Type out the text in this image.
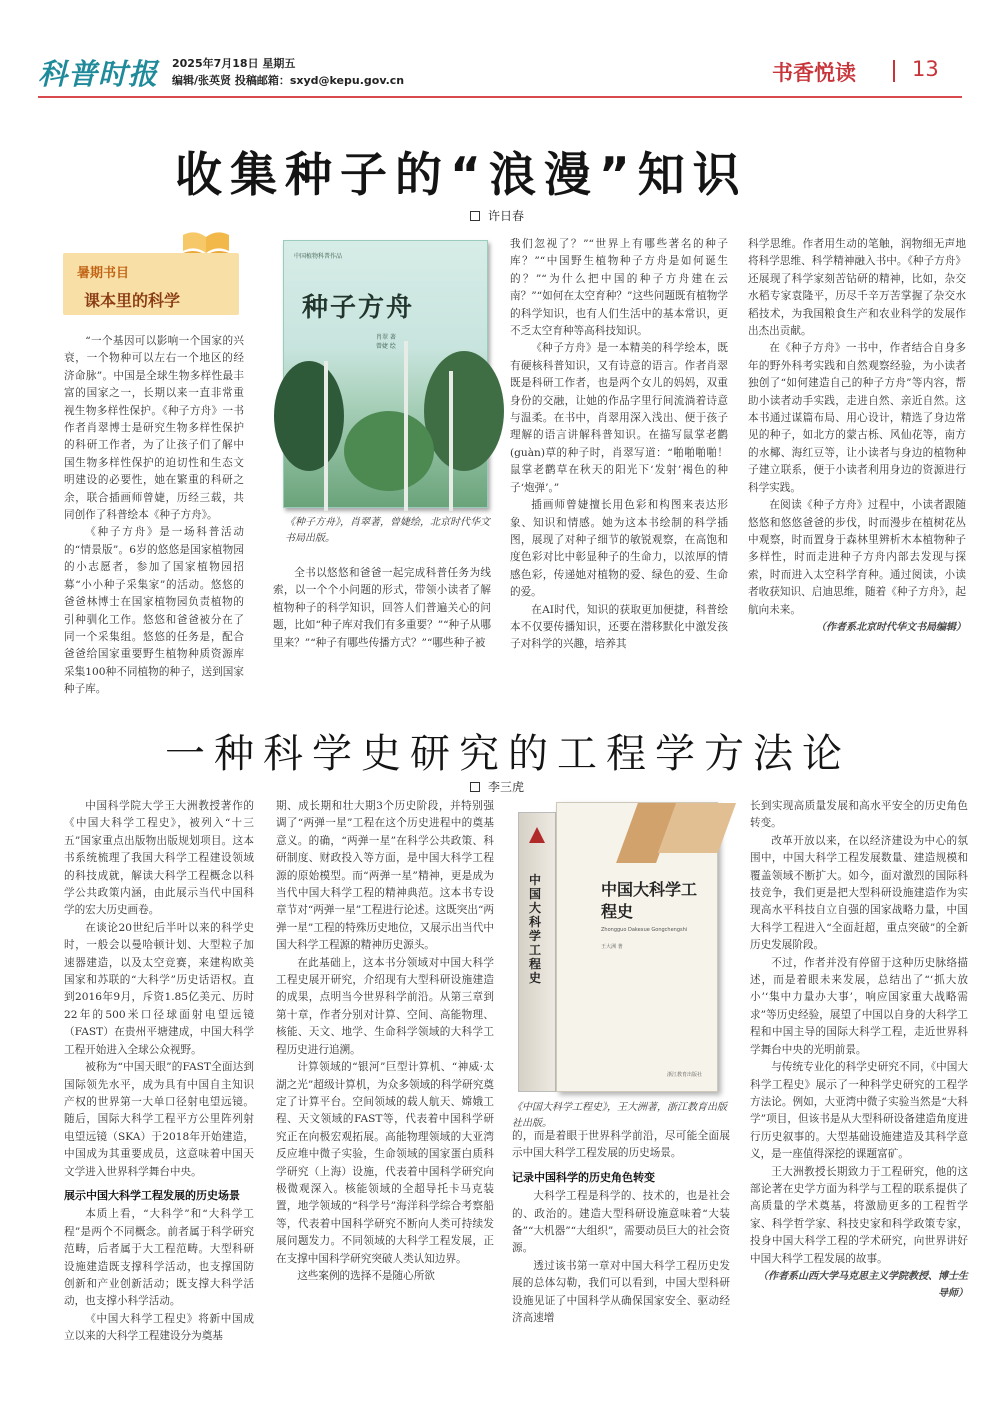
科普时报 2025年7月18日 星期五
编辑/张英贤 投稿邮箱：sxyd@kepu.gov.cn	书香悦读	13
收集种子的“浪漫”知识
许日春
暑期书目
课本里的科学

“一个基因可以影响一个国家的兴衰，一个物种可以左右一个地区的经济命脉”。中国是全球生物多样性最丰富的国家之一，长期以来一直非常重视生物多样性保护。《种子方舟》一书作者肖翠博士是研究生物多样性保护的科研工作者，为了让孩子们了解中国生物多样性保护的迫切性和生态文明建设的必要性，她在繁重的科研之余，联合插画师曾婕，历经三载，共同创作了科普绘本《种子方舟》。

《种子方舟》是一场科普活动的“情景版”。6岁的悠悠是国家植物园的小志愿者，参加了国家植物园招募“小小种子采集家”的活动。悠悠的爸爸林博士在国家植物园负责植物的引种驯化工作。悠悠和爸爸被分在了同一个采集组。悠悠的任务是，配合爸爸给国家重要野生植物种质资源库采集100种不同植物的种子，送到国家种子库。

中国植物科普作品
种子方舟
肖翠 著
曾婕 绘
《种子方舟》，肖翠著，曾婕绘，北京时代华文书局出版。

全书以悠悠和爸爸一起完成科普任务为线索，以一个个小问题的形式，带领小读者了解植物种子的科学知识，回答人们普遍关心的问题，比如“种子库对我们有多重要？”“种子从哪里来？”“种子有哪些传播方式？”“哪些种子被

我们忽视了？”“世界上有哪些著名的种子库？”“中国野生植物种子方舟是如何诞生的？”“为什么把中国的种子方舟建在云南？”“如何在太空育种？”这些问题既有植物学的科学知识，也有人们生活中的基本常识，更不乏太空育种等高科技知识。

《种子方舟》是一本精美的科学绘本，既有硬核科普知识，又有诗意的语言。作者肖翠既是科研工作者，也是两个女儿的妈妈，双重身份的交融，让她的作品字里行间流淌着诗意与温柔。在书中，肖翠用深入浅出、便于孩子理解的语言讲解科普知识。在描写鼠掌老鹳(guàn)草的种子时，肖翠写道：“啪啪啪啪！鼠掌老鹳草在秋天的阳光下‘发射’褐色的种子‘炮弹’。”

插画师曾婕擅长用色彩和构图来表达形象、知识和情感。她为这本书绘制的科学插图，展现了对种子细节的敏锐观察，在高饱和度色彩对比中彰显种子的生命力，以浓厚的情感色彩，传递她对植物的爱、绿色的爱、生命的爱。

在AI时代，知识的获取更加便捷，科普绘本不仅要传播知识，还要在潜移默化中激发孩子对科学的兴趣，培养其

科学思维。作者用生动的笔触，润物细无声地将科学思维、科学精神融入书中。《种子方舟》还展现了科学家刻苦钻研的精神，比如，杂交水稻专家袁隆平，历尽千辛万苦掌握了杂交水稻技术，为我国粮食生产和农业科学的发展作出杰出贡献。

在《种子方舟》一书中，作者结合自身多年的野外科考实践和自然观察经验，为小读者独创了“如何建造自己的种子方舟”等内容，帮助小读者动手实践，走进自然、亲近自然。这本书通过谋篇布局、用心设计，精选了身边常见的种子，如北方的蒙古栎、风仙花等，南方的水椰、海红豆等，让小读者与身边的植物种子建立联系，便于小读者利用身边的资源进行科学实践。

在阅读《种子方舟》过程中，小读者跟随悠悠和悠悠爸爸的步伐，时而漫步在植树花丛中观察，时而置身于森林里辨析木本植物种子多样性，时而走进种子方舟内部去发现与探索，时而进入太空科学育种。通过阅读，小读者收获知识、启迪思维，随着《种子方舟》，起航向未来。

（作者系北京时代华文书局编辑）

一种科学史研究的工程学方法论
李三虎

中国科学院大学王大洲教授著作的《中国大科学工程史》，被列入“十三五”国家重点出版物出版规划项目。这本书系统梳理了我国大科学工程建设领域的科技成就，解读大科学工程概念以科学公共政策内涵，由此展示当代中国科学的宏大历史画卷。

在谈论20世纪后半叶以来的科学史时，一般会以曼哈顿计划、大型粒子加速器建造，以及太空竞赛，来建构欧美国家和苏联的“大科学”历史话语权。直到2016年9月，斥资1.85亿美元、历时22年的500米口径球面射电望远镜（FAST）在贵州平塘建成，中国大科学工程开始进入全球公众视野。

被称为“中国天眼”的FAST全面达到国际领先水平，成为具有中国自主知识产权的世界第一大单口径射电望远镜。随后，国际大科学工程平方公里阵列射电望远镜（SKA）于2018年开始建造，中国成为其重要成员，这意味着中国天文学进入世界科学舞台中央。

展示中国大科学工程发展的历史场景

本质上看，“大科学”和“大科学工程”是两个不同概念。前者属于科学研究范畴，后者属于大工程范畴。大型科研设施建造既支撑科学活动，也支撑国防创新和产业创新活动；既支撑大科学活动，也支撑小科学活动。

《中国大科学工程史》将新中国成立以来的大科学工程建设分为奠基

期、成长期和壮大期3个历史阶段，并特别强调了“两弹一星”工程在这个历史进程中的奠基意义。的确，“两弹一星”在科学公共政策、科研制度、财政投入等方面，是中国大科学工程源的原始模型。而“两弹一星”精神，更是成为当代中国大科学工程的精神典范。这本书专设章节对“两弹一星”工程进行论述。这既突出“两弹一星”工程的特殊历史地位，又展示出当代中国大科学工程源的精神历史源头。

在此基础上，这本书分领域对中国大科学工程史展开研究，介绍现有大型科研设施建造的成果，点明当今世界科学前沿。从第三章到第十章，作者分别对计算、空间、高能物理、核能、天文、地学、生命科学领域的大科学工程历史进行追溯。

计算领域的“银河”巨型计算机、“神威·太湖之光”超级计算机，为众多领域的科学研究奠定了计算平台。空间领域的载人航天、嫦娥工程、天文领域的FAST等，代表着中国科学研究正在向极宏观拓展。高能物理领域的大亚湾反应堆中微子实验，生命领域的国家蛋白质科学研究（上海）设施，代表着中国科学研究向极微观深入。核能领域的全超导托卡马克装置，地学领域的“科学号”海洋科学综合考察船等，代表着中国科学研究不断向人类可持续发展问题发力。不同领域的大科学工程发展，正在支撑中国科学研究突破人类认知边界。

这些案例的选择不是随心所欲

中国大科学工程史
中国大科学工程史
Zhongguo Dakexue Gongchengshi
王大洲 著
浙江教育出版社
《中国大科学工程史》，王大洲著，浙江教育出版社出版。

的，而是着眼于世界科学前沿，尽可能全面展示中国大科学工程发展的历史场景。

记录中国科学的历史角色转变

大科学工程是科学的、技术的，也是社会的、政治的。建造大型科研设施意味着“大装备”“大机器”“大组织”，需要动员巨大的社会资源。

透过该书第一章对中国大科学工程历史发展的总体勾勒，我们可以看到，中国大型科研设施见证了中国科学从确保国家安全、驱动经济高速增

长到实现高质量发展和高水平安全的历史角色转变。

改革开放以来，在以经济建设为中心的氛围中，中国大科学工程发展数量、建造规模和覆盖领域不断扩大。如今，面对激烈的国际科技竞争，我们更是把大型科研设施建造作为实现高水平科技自立自强的国家战略力量，中国大科学工程进入“全面赶超，重点突破”的全新历史发展阶段。

不过，作者并没有停留于这种历史脉络描述，而是着眼未来发展，总结出了“‘抓大放小’‘集中力量办大事’，响应国家重大战略需求”等历史经验，展望了中国以自身的大科学工程和中国主导的国际大科学工程，走近世界科学舞台中央的光明前景。

与传统专业化的科学史研究不同，《中国大科学工程史》展示了一种科学史研究的工程学方法论。例如，大亚湾中微子实验当然是“大科学”项目，但该书是从大型科研设备建造角度进行历史叙事的。大型基础设施建造及其科学意义，是一座值得深挖的课题富矿。

王大洲教授长期致力于工程研究，他的这部论著在史学方面为科学与工程的联系提供了高质量的学术奠基，将激励更多的工程哲学家、科学哲学家、科技史家和科学政策专家，投身中国大科学工程的学术研究，向世界讲好中国大科学工程发展的故事。

（作者系山西大学马克思主义学院教授、博士生导师）
